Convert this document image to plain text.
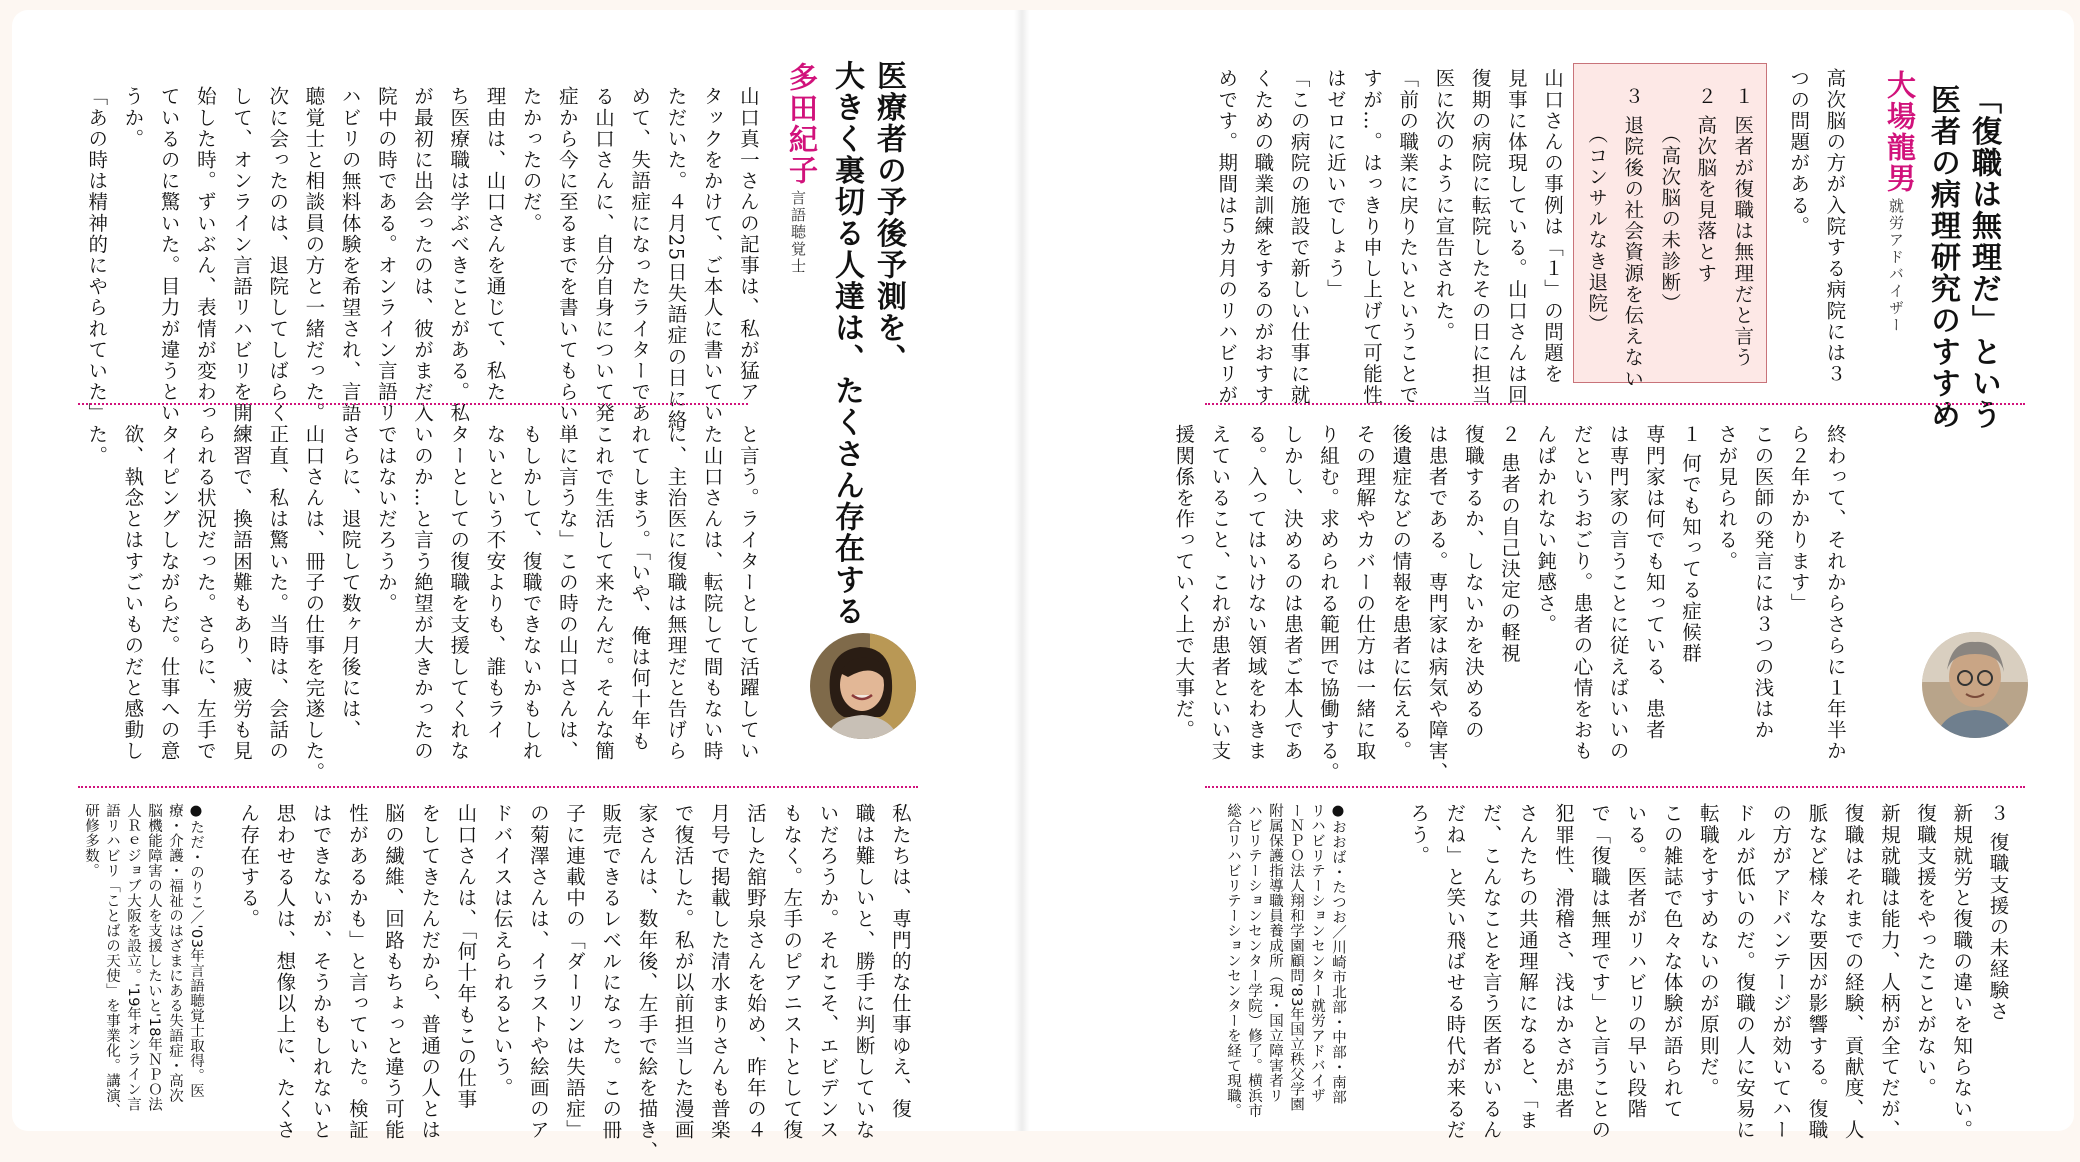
「復職は無理だ」という
医者の病理研究のすすめ
大場龍男
就労アドバイザー
高次脳の方が入院する病院には３
つの問題がある。
１ 医者が復職は無理だと言う
２ 高次脳を見落とす
（高次脳の未診断）
３ 退院後の社会資源を伝えない
（コンサルなき退院）
山口さんの事例は「１」の問題を
見事に体現している。山口さんは回
復期の病院に転院したその日に担当
医に次のように宣告された。
「前の職業に戻りたいということで
すが…。はっきり申し上げて可能性
はゼロに近いでしょう」
「この病院の施設で新しい仕事に就
くための職業訓練をするのがおすす
めです。期間は５カ月のリハビリが
終わって、それからさらに１年半か
ら２年かかります」
この医師の発言には３つの浅はか
さが見られる。
１ 何でも知ってる症候群
専門家は何でも知っている、患者
は専門家の言うことに従えばいいの
だというおごり。患者の心情をおも
んぱかれない鈍感さ。
２ 患者の自己決定の軽視
復職するか、しないかを決めるの
は患者である。専門家は病気や障害、
後遺症などの情報を患者に伝える。
その理解やカバーの仕方は一緒に取
り組む。求められる範囲で協働する。
しかし、決めるのは患者ご本人であ
る。入ってはいけない領域をわきま
えていること、これが患者といい支
援関係を作っていく上で大事だ。
３ 復職支援の未経験さ
新規就労と復職の違いを知らない。
復職支援をやったことがない。
新規就職は能力、人柄が全てだが、
復職はそれまでの経験、貢献度、人
脈など様々な要因が影響する。復職
の方がアドバンテージが効いてハー
ドルが低いのだ。復職の人に安易に
転職をすすめないのが原則だ。
この雑誌で色々な体験が語られて
いる。医者がリハビリの早い段階
で「復職は無理です」と言うことの
犯罪性、滑稽さ、浅はかさが患者
さんたちの共通理解になると、「ま
だ、こんなことを言う医者がいるん
だね」と笑い飛ばせる時代が来るだ
ろう。
●おおば・たつお／川崎市北部・中部・南部
リハビリテーションセンター就労アドバイザ
ーＮＰＯ法人翔和学園顧問'83年国立秩父学園
附属保護指導職員養成所（現・国立障害者リ
ハビリテーションセンター学院）修了。横浜市
総合リハビリテーションセンターを経て現職。
医療者の予後予測を、
大きく裏切る人達は、たくさん存在する
多田紀子
言語聴覚士
山口真一さんの記事は、私が猛ア
タックをかけて、ご本人に書いてい
ただいた。４月25日失語症の日に絡
めて、失語症になったライターであ
る山口さんに、自分自身について発
症から今に至るまでを書いてもらい
たかったのだ。
理由は、山口さんを通じて、私た
ち医療職は学ぶべきことがある。私
が最初に出会ったのは、彼がまだ入
院中の時である。オンライン言語リ
ハビリの無料体験を希望され、言語
聴覚士と相談員の方と一緒だった。
次に会ったのは、退院してしばらく
して、オンライン言語リハビリを開
始した時。ずいぶん、表情が変わっ
ているのに驚いた。目力が違うとい
うか。
「あの時は精神的にやられていた」
と言う。ライターとして活躍してい
た山口さんは、転院して間もない時
に、主治医に復職は無理だと告げら
れてしまう。「いや、俺は何十年も
これで生活して来たんだ。そんな簡
単に言うな」この時の山口さんは、
もしかして、復職できないかもしれ
ないという不安よりも、誰もライ
ターとしての復職を支援してくれな
いのか…と言う絶望が大きかったの
ではないだろうか。
さらに、退院して数ヶ月後には、
山口さんは、冊子の仕事を完遂した。
正直、私は驚いた。当時は、会話の
練習で、換語困難もあり、疲労も見
られる状況だった。さらに、左手で
タイピングしながらだ。仕事への意
欲、執念とはすごいものだと感動し
た。
私たちは、専門的な仕事ゆえ、復
職は難しいと、勝手に判断していな
いだろうか。それこそ、エビデンス
もなく。左手のピアニストとして復
活した舘野泉さんを始め、昨年の４
月号で掲載した清水まりさんも普楽
で復活した。私が以前担当した漫画
家さんは、数年後、左手で絵を描き、
販売できるレベルになった。この冊
子に連載中の「ダーリンは失語症」
の菊澤さんは、イラストや絵画のア
ドバイスは伝えられるという。
山口さんは、「何十年もこの仕事
をしてきたんだから、普通の人とは
脳の繊維、回路もちょっと違う可能
性があるかも」と言っていた。検証
はできないが、そうかもしれないと
思わせる人は、想像以上に、たくさ
ん存在する。
●ただ・のりこ／'03年言語聴覚士取得。医
療・介護・福祉のはざまにある失語症・高次
脳機能障害の人を支援したいと'18年ＮＰＯ法
人Ｒｅジョブ大阪を設立。'19年オンライン言
語リハビリ「ことばの天使」を事業化。講演、
研修多数。
